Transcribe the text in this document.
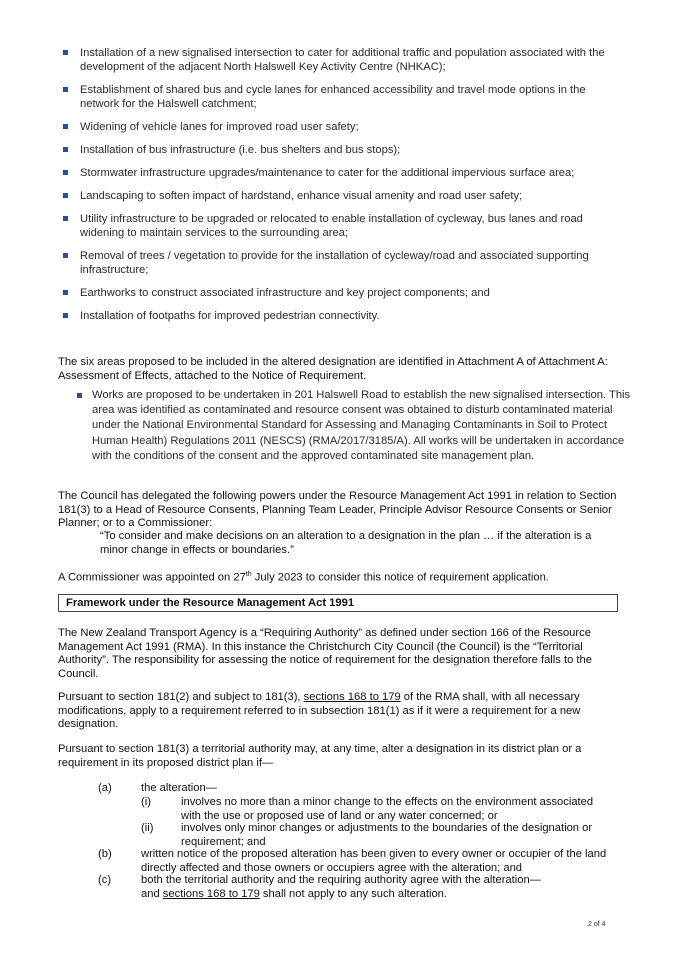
Installation of a new signalised intersection to cater for additional traffic and population associated with the development of the adjacent North Halswell Key Activity Centre (NHKAC);
Establishment of shared bus and cycle lanes for enhanced accessibility and travel mode options in the network for the Halswell catchment;
Widening of vehicle lanes for improved road user safety;
Installation of bus infrastructure (i.e. bus shelters and bus stops);
Stormwater infrastructure upgrades/maintenance to cater for the additional impervious surface area;
Landscaping to soften impact of hardstand, enhance visual amenity and road user safety;
Utility infrastructure to be upgraded or relocated to enable installation of cycleway, bus lanes and road widening to maintain services to the surrounding area;
Removal of trees / vegetation to provide for the installation of cycleway/road and associated supporting infrastructure;
Earthworks to construct associated infrastructure and key project components; and
Installation of footpaths for improved pedestrian connectivity.
The six areas proposed to be included in the altered designation are identified in Attachment A of Attachment A: Assessment of Effects, attached to the Notice of Requirement.
Works are proposed to be undertaken in 201 Halswell Road to establish the new signalised intersection. This area was identified as contaminated and resource consent was obtained to disturb contaminated material under the National Environmental Standard for Assessing and Managing Contaminants in Soil to Protect Human Health) Regulations 2011 (NESCS) (RMA/2017/3185/A). All works will be undertaken in accordance with the conditions of the consent and the approved contaminated site management plan.
The Council has delegated the following powers under the Resource Management Act 1991 in relation to Section 181(3) to a Head of Resource Consents, Planning Team Leader, Principle Advisor Resource Consents or Senior Planner; or to a Commissioner:
“To consider and make decisions on an alteration to a designation in the plan … if the alteration is a minor change in effects or boundaries.”
A Commissioner was appointed on 27th July 2023 to consider this notice of requirement application.
Framework under the Resource Management Act 1991
The New Zealand Transport Agency is a “Requiring Authority” as defined under section 166 of the Resource Management Act 1991 (RMA). In this instance the Christchurch City Council (the Council) is the “Territorial Authority”. The responsibility for assessing the notice of requirement for the designation therefore falls to the Council.
Pursuant to section 181(2) and subject to 181(3), sections 168 to 179 of the RMA shall, with all necessary modifications, apply to a requirement referred to in subsection 181(1) as if it were a requirement for a new designation.
Pursuant to section 181(3) a territorial authority may, at any time, alter a designation in its district plan or a requirement in its proposed district plan if—
(a)	the alteration—
(i)	involves no more than a minor change to the effects on the environment associated with the use or proposed use of land or any water concerned; or
(ii) involves only minor changes or adjustments to the boundaries of the designation or requirement; and
(b)	written notice of the proposed alteration has been given to every owner or occupier of the land directly affected and those owners or occupiers agree with the alteration; and
(c)	both the territorial authority and the requiring authority agree with the alteration—
and sections 168 to 179 shall not apply to any such alteration.
2 of 4
